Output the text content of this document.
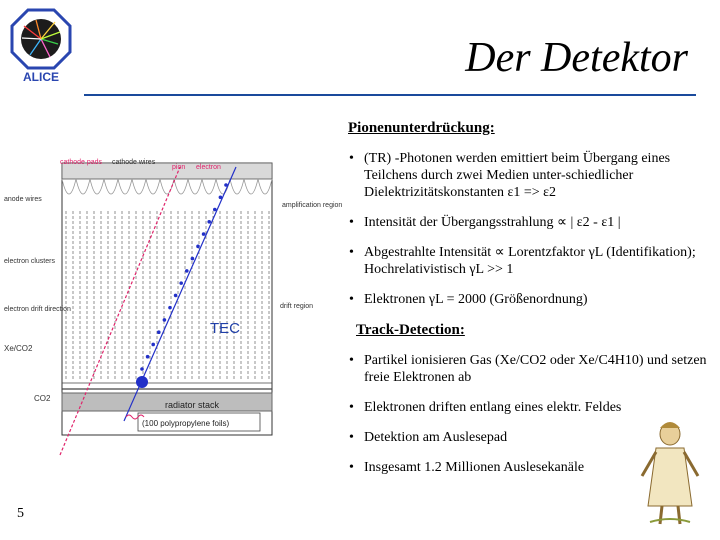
ALICE	Der Detektor
cathode pads cathode wires
pion electron
anode wires
amplification region
electron clusters
electron drift direction	drift region
TEC
Xe/CO2
CO2
radiator stack
(100 polypropylene foils)
Pionenunterdrückung:
• (TR) -Photonen werden emittiert beim Übergang eines Teilchens durch zwei Medien unter-schiedlicher Dielektrizitätskonstanten ε1 => ε2
• Intensität der Übergangsstrahlung ∝ | ε2 - ε1 |
• Abgestrahlte Intensität ∝ Lorentzfaktor γL (Identifikation); Hochrelativistisch γL >> 1
• Elektronen γL = 2000 (Größenordnung)
Track-Detection:
• Partikel ionisieren Gas (Xe/CO2 oder Xe/C4H10) und setzen freie Elektronen ab
• Elektronen driften entlang eines elektr. Feldes
• Detektion am Auslesepad
• Insgesamt 1.2 Millionen Auslesekanäle
5
